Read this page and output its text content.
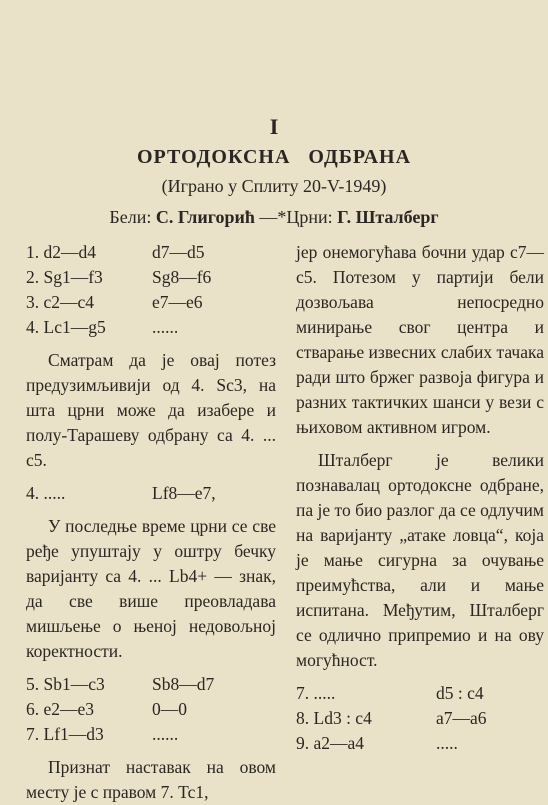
I
ОРТОДОКСНА ОДБРАНА
(Играно у Сплиту 20-V-1949)
Бели: С. Глигорић —*Црни: Г. Шталберг
1. d2—d4	d7—d5
2. Sg1—f3	Sg8—f6
3. c2—c4	e7—e6
4. Lc1—g5	......

Сматрам да је овај потез предузимљивији од 4. Sc3, на шта црни може да изабере и полу-Тарашеву одбрану са 4. ... c5.

4. .....	Lf8—e7,

У последње време црни се све ређе упуштају у оштру бечку варијанту са 4. ... Lb4+ — знак, да све више преовладава мишљење о њеној недовољној коректности.

5. Sb1—c3	Sb8—d7
6. e2—e3	0—0
7. Lf1—d3	......

Признат наставак на овом месту је с правом 7. Tc1,

јер онемогућава бочни удар c7—c5. Потезом у партији бели дозвољава непосредно минирање свог центра и стварање извесних слабих тачака ради што бржег развоја фигура и разних тактичких шанси у вези с њиховом активном игром.

Шталберг је велики познавалац ортодоксне одбране, па је то био разлог да се одлучим на варијанту „атаке ловца“, која је мање сигурна за очување преимућства, али и мање испитана. Међутим, Шталберг се одлично припремио и на ову могућност.

7. .....	d5 : c4
8. Ld3 : c4	a7—a6
9. a2—a4	.....
